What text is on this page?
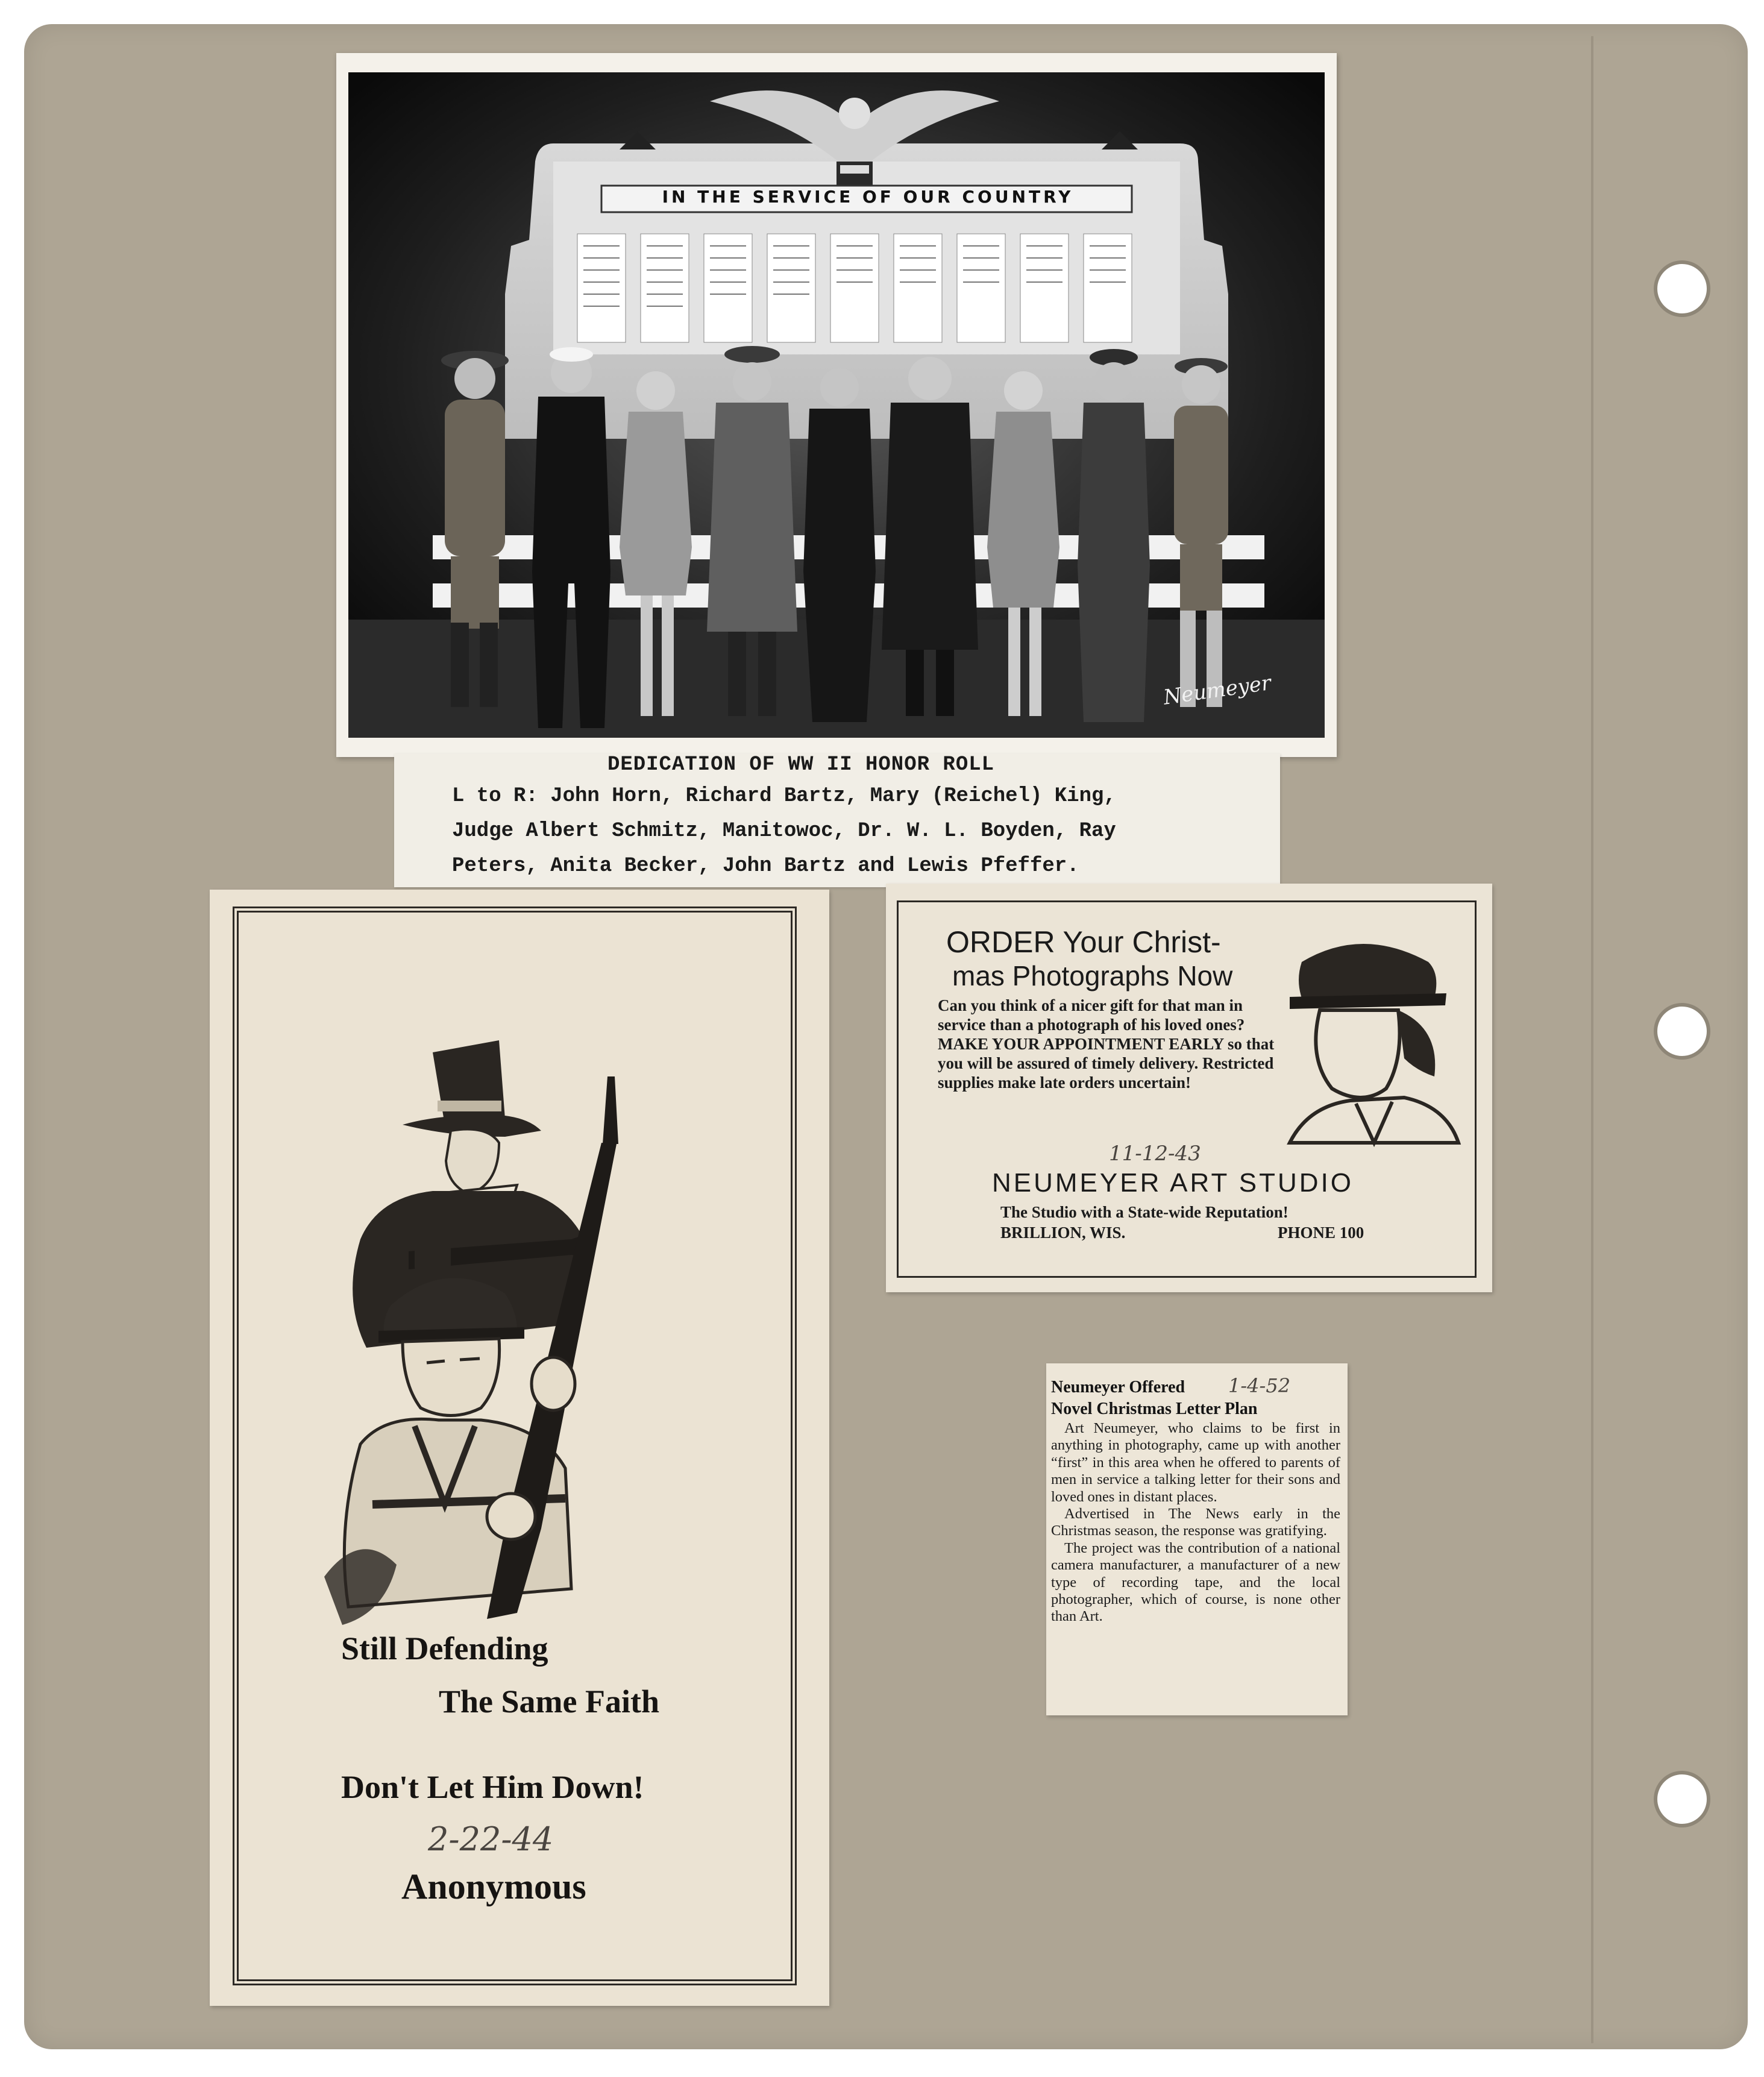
IN THE SERVICE OF OUR COUNTRY
Neumeyer
DEDICATION OF WW II HONOR ROLL
L to R: John Horn, Richard Bartz, Mary (Reichel) King,
Judge Albert Schmitz, Manitowoc, Dr. W. L. Boyden, Ray
Peters, Anita Becker, John Bartz and Lewis Pfeffer.
Still Defending
The Same Faith
Don't Let Him Down!
2-22-44
Anonymous
ORDER Your Christ-
mas Photographs Now
Can you think of a nicer gift for that man in service than a photograph of his loved ones? MAKE YOUR APPOINTMENT EARLY so that you will be assured of timely delivery. Restricted supplies make late orders uncertain!
11-12-43
NEUMEYER ART STUDIO
The Studio with a State-wide Reputation!
BRILLION, WIS.	PHONE 100
Neumeyer Offered 1-4-52
Novel Christmas Letter Plan

Art Neumeyer, who claims to be first in anything in photography, came up with another “first” in this area when he offered to parents of men in service a talking letter for their sons and loved ones in distant places.

Advertised in The News early in the Christmas season, the response was gratifying.

The project was the contribution of a national camera manufacturer, a manufacturer of a new type of recording tape, and the local photographer, which of course, is none other than Art.
